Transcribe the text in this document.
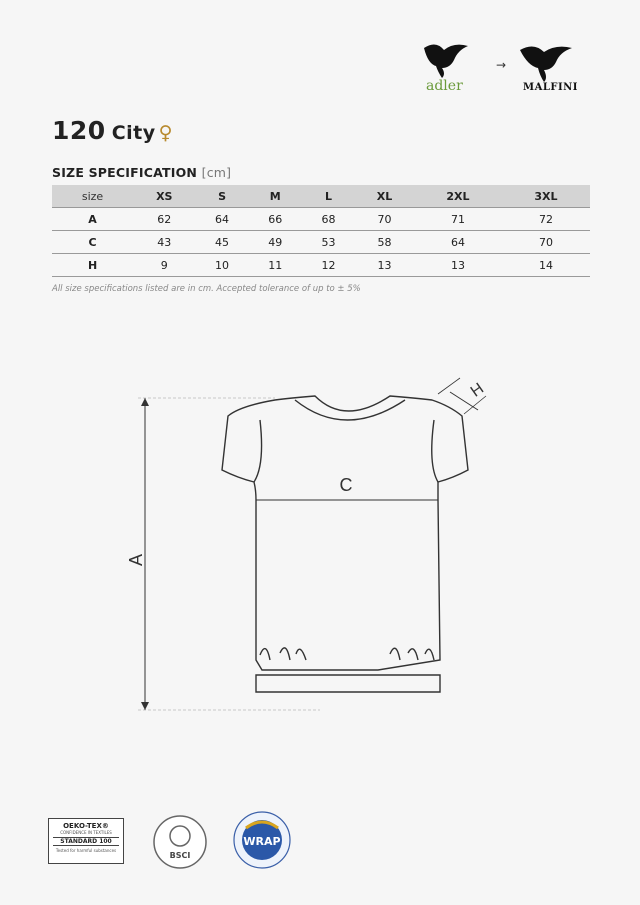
adler
→
MALFINI
120 City ♀
SIZE SPECIFICATION [cm]
size	XS	S	M	L	XL	2XL	3XL
A	62	64	66	68	70	71	72
C	43	45	49	53	58	64	70
H	9	10	11	12	13	13	14
All size specifications listed are in cm. Accepted tolerance of up to ± 5%
A
C
H
OEKO-TEX®
CONFIDENCE IN TEXTILES
STANDARD 100
Tested for harmful substances
BSCI
WRAP
